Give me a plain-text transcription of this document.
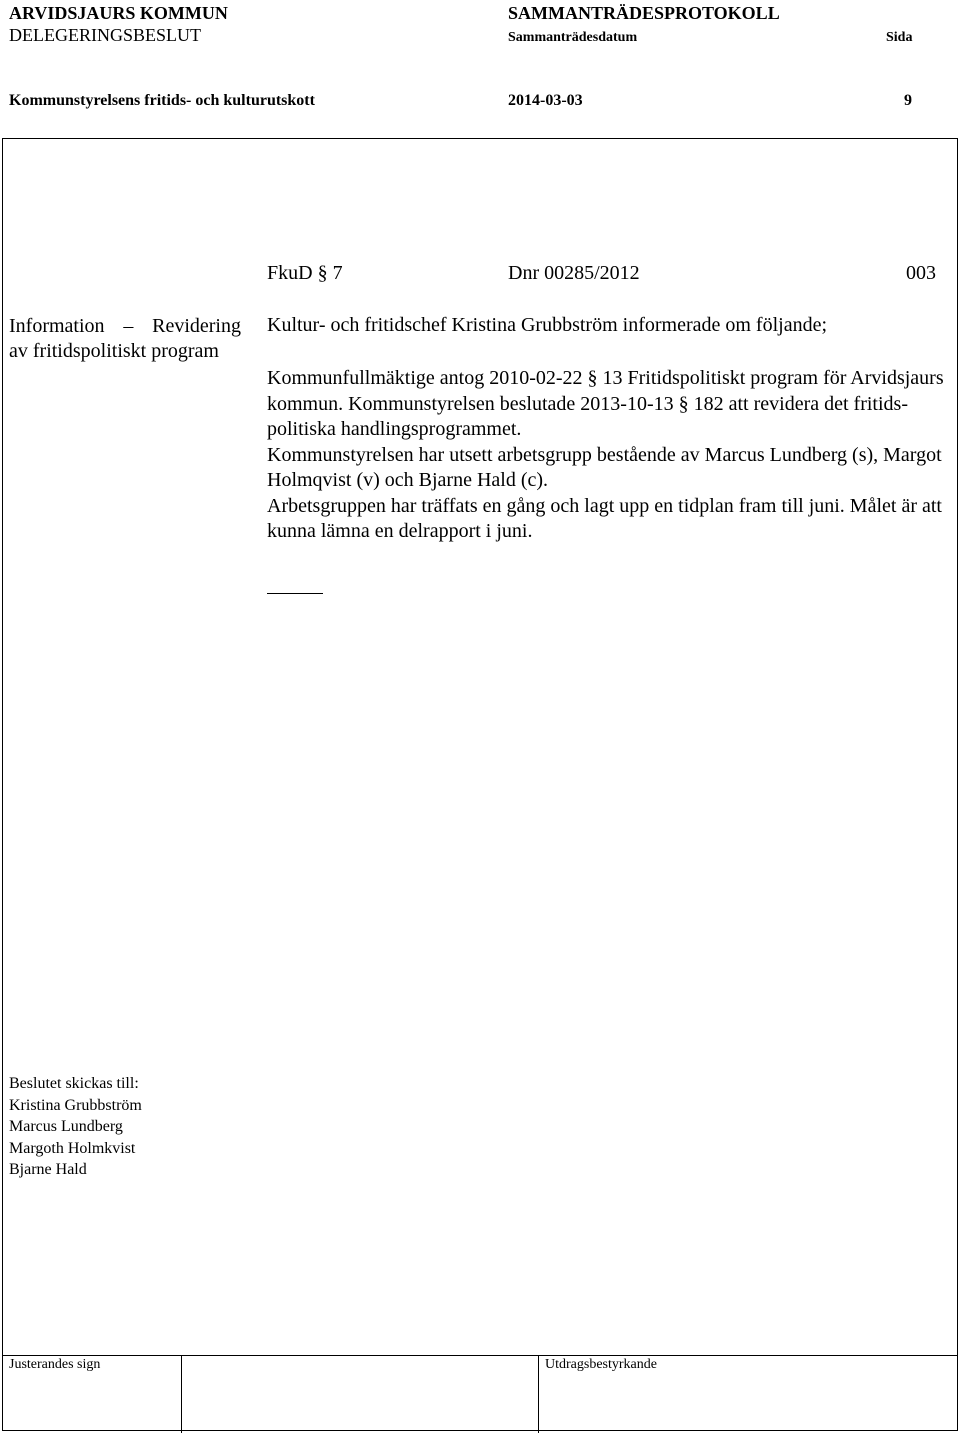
ARVIDSJAURS KOMMUN
DELEGERINGSBESLUT
SAMMANTRÄDESPROTOKOLL
Sammanträdesdatum	Sida
Kommunstyrelsens fritids- och kulturutskott	2014-03-03	9
FkuD § 7	Dnr 00285/2012	003
Information – Revidering
av fritidspolitiskt program
Kultur- och fritidschef Kristina Grubbström informerade om följande;

Kommunfullmäktige antog 2010-02-22 § 13 Fritidspolitiskt program för Arvidsjaurs kommun. Kommunstyrelsen beslutade 2013-10-13 § 182 att revidera det fritids-politiska handlingsprogrammet.

Kommunstyrelsen har utsett arbetsgrupp bestående av Marcus Lundberg (s), Margot Holmqvist (v) och Bjarne Hald (c).

Arbetsgruppen har träffats en gång och lagt upp en tidplan fram till juni. Målet är att kunna lämna en delrapport i juni.

Beslutet skickas till:
Kristina Grubbström
Marcus Lundberg
Margoth Holmkvist
Bjarne Hald
Justerandes sign	Utdragsbestyrkande
